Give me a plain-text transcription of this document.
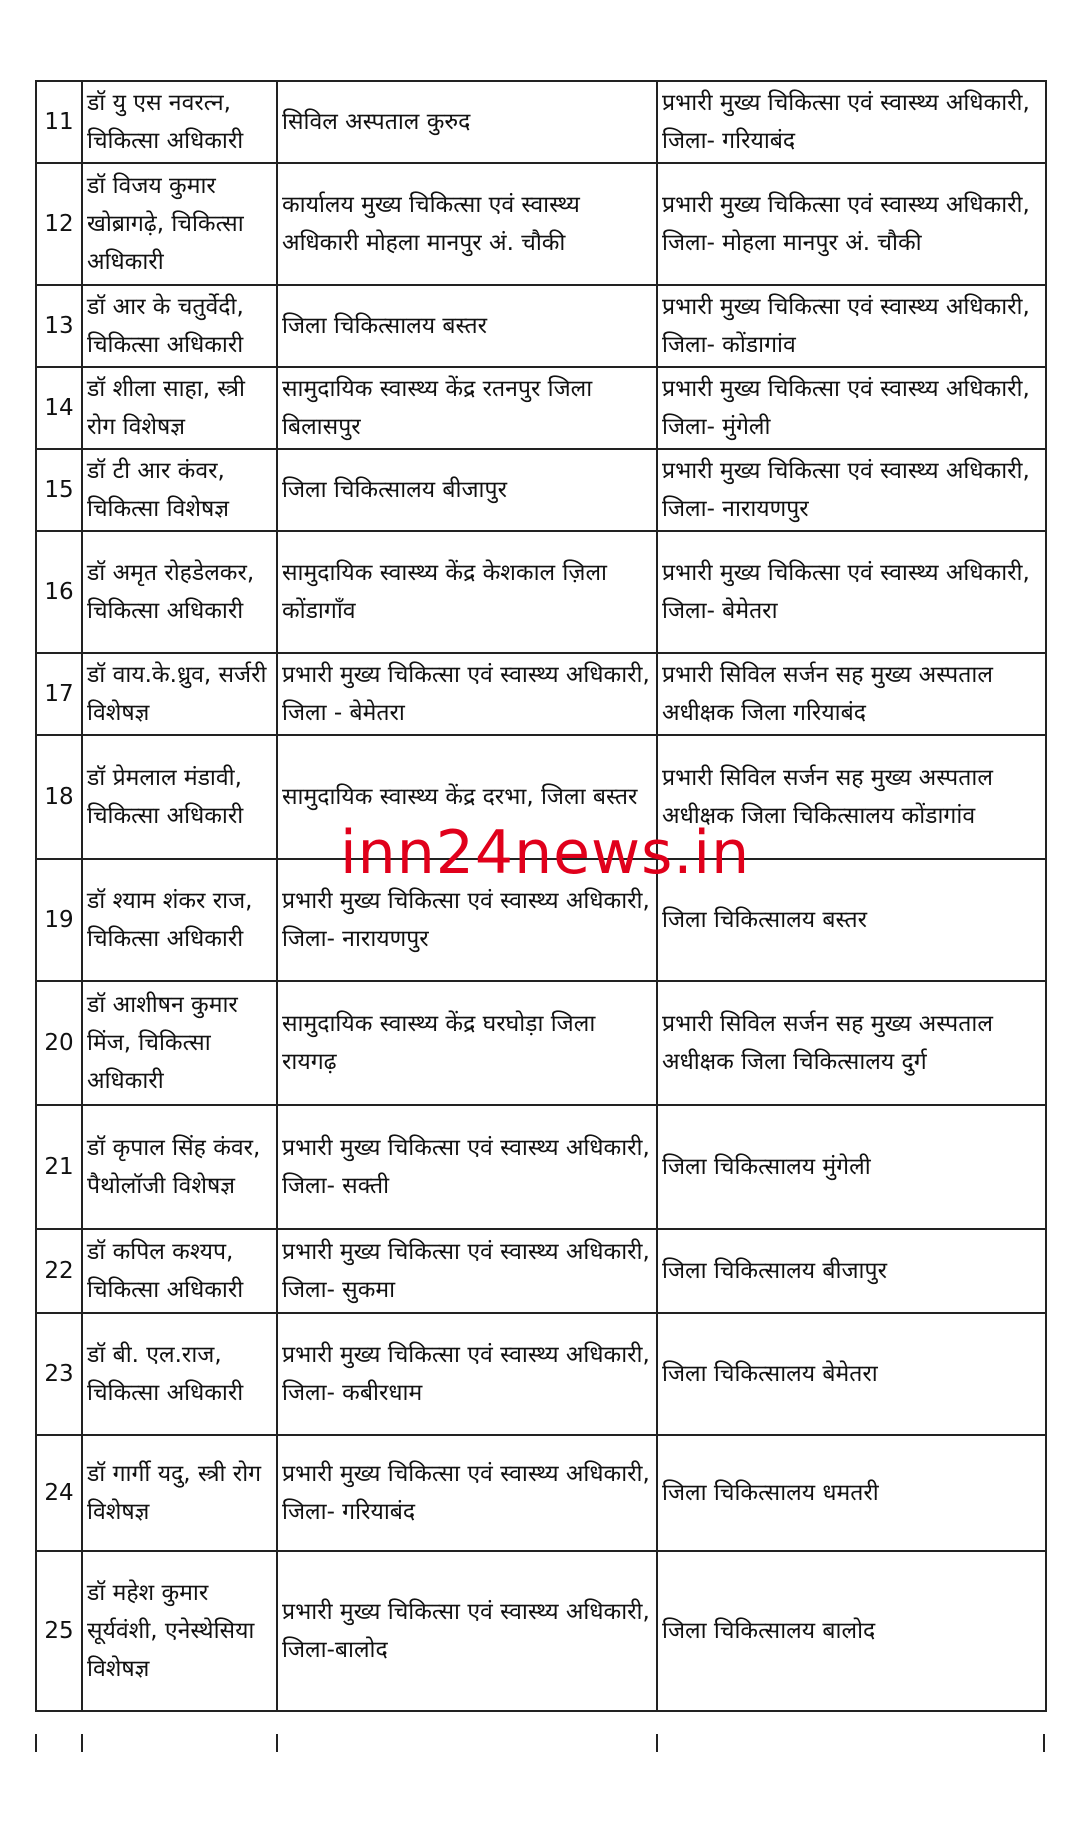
11	डॉ यु एस नवरत्न, चिकित्सा अधिकारी	सिविल अस्पताल कुरुद	प्रभारी मुख्य चिकित्सा एवं स्वास्थ्य अधिकारी, जिला- गरियाबंद
12	डॉ विजय कुमार खोब्रागढ़े, चिकित्सा अधिकारी	कार्यालय मुख्य चिकित्सा एवं स्वास्थ्य अधिकारी मोहला मानपुर अं. चौकी	प्रभारी मुख्य चिकित्सा एवं स्वास्थ्य अधिकारी, जिला- मोहला मानपुर अं. चौकी
13	डॉ आर के चतुर्वेदी, चिकित्सा अधिकारी	जिला चिकित्सालय बस्तर	प्रभारी मुख्य चिकित्सा एवं स्वास्थ्य अधिकारी, जिला- कोंडागांव
14	डॉ शीला साहा, स्त्री रोग विशेषज्ञ	सामुदायिक स्वास्थ्य केंद्र रतनपुर जिला बिलासपुर	प्रभारी मुख्य चिकित्सा एवं स्वास्थ्य अधिकारी, जिला- मुंगेली
15	डॉ टी आर कंवर, चिकित्सा विशेषज्ञ	जिला चिकित्सालय बीजापुर	प्रभारी मुख्य चिकित्सा एवं स्वास्थ्य अधिकारी, जिला- नारायणपुर
16	डॉ अमृत रोहडेलकर, चिकित्सा अधिकारी	सामुदायिक स्वास्थ्य केंद्र केशकाल ज़िला कोंडागाँव	प्रभारी मुख्य चिकित्सा एवं स्वास्थ्य अधिकारी, जिला- बेमेतरा
17	डॉ वाय.के.ध्रुव, सर्जरी विशेषज्ञ	प्रभारी मुख्य चिकित्सा एवं स्वास्थ्य अधिकारी, जिला - बेमेतरा	प्रभारी सिविल सर्जन सह मुख्य अस्पताल अधीक्षक जिला गरियाबंद
18	डॉ प्रेमलाल मंडावी, चिकित्सा अधिकारी	सामुदायिक स्वास्थ्य केंद्र दरभा, जिला बस्तर	प्रभारी सिविल सर्जन सह मुख्य अस्पताल अधीक्षक जिला चिकित्सालय कोंडागांव
19	डॉ श्याम शंकर राज, चिकित्सा अधिकारी	प्रभारी मुख्य चिकित्सा एवं स्वास्थ्य अधिकारी, जिला- नारायणपुर	जिला चिकित्सालय बस्तर
20	डॉ आशीषन कुमार मिंज, चिकित्सा अधिकारी	सामुदायिक स्वास्थ्य केंद्र घरघोड़ा जिला रायगढ़	प्रभारी सिविल सर्जन सह मुख्य अस्पताल अधीक्षक जिला चिकित्सालय दुर्ग
21	डॉ कृपाल सिंह कंवर, पैथोलॉजी विशेषज्ञ	प्रभारी मुख्य चिकित्सा एवं स्वास्थ्य अधिकारी, जिला- सक्ती	जिला चिकित्सालय मुंगेली
22	डॉ कपिल कश्यप, चिकित्सा अधिकारी	प्रभारी मुख्य चिकित्सा एवं स्वास्थ्य अधिकारी, जिला- सुकमा	जिला चिकित्सालय बीजापुर
23	डॉ बी. एल.राज, चिकित्सा अधिकारी	प्रभारी मुख्य चिकित्सा एवं स्वास्थ्य अधिकारी, जिला- कबीरधाम	जिला चिकित्सालय बेमेतरा
24	डॉ गार्गी यदु, स्त्री रोग विशेषज्ञ	प्रभारी मुख्य चिकित्सा एवं स्वास्थ्य अधिकारी, जिला- गरियाबंद	जिला चिकित्सालय धमतरी
25	डॉ महेश कुमार सूर्यवंशी, एनेस्थेसिया विशेषज्ञ	प्रभारी मुख्य चिकित्सा एवं स्वास्थ्य अधिकारी, जिला-बालोद	जिला चिकित्सालय बालोद
inn24news.in
